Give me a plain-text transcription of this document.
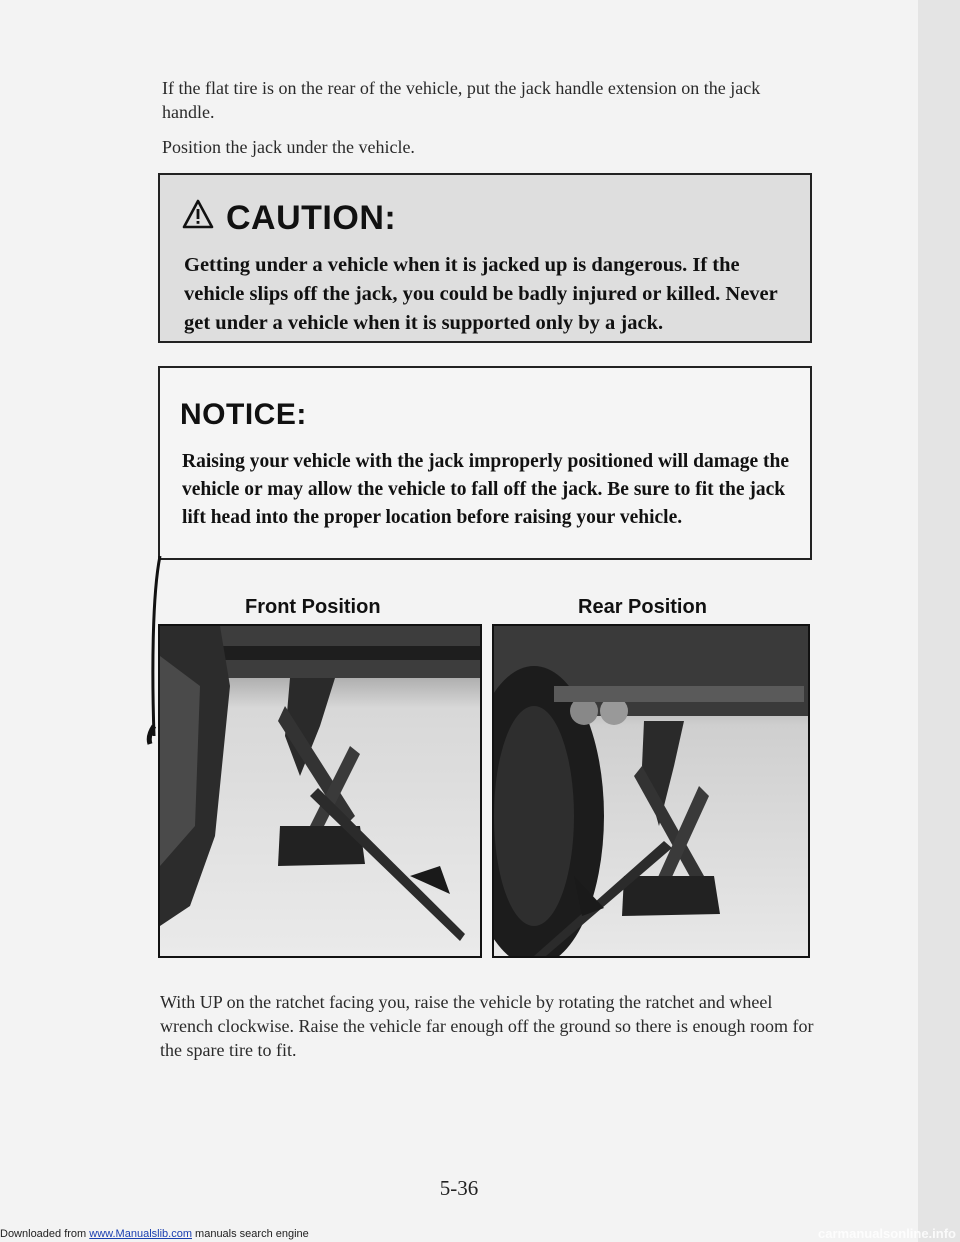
If the flat tire is on the rear of the vehicle, put the jack handle extension on the jack handle.

Position the jack under the vehicle.

CAUTION:
Getting under a vehicle when it is jacked up is dangerous. If the vehicle slips off the jack, you could be badly injured or killed. Never get under a vehicle when it is supported only by a jack.
NOTICE:
Raising your vehicle with the jack improperly positioned will damage the vehicle or may allow the vehicle to fall off the jack. Be sure to fit the jack lift head into the proper location before raising your vehicle.
Front Position	Rear Position

With UP on the ratchet facing you, raise the vehicle by rotating the ratchet and wheel wrench clockwise. Raise the vehicle far enough off the ground so there is enough room for the spare tire to fit.

5-36
Downloaded from www.Manualslib.com manuals search engine	carmanualsonline.info
